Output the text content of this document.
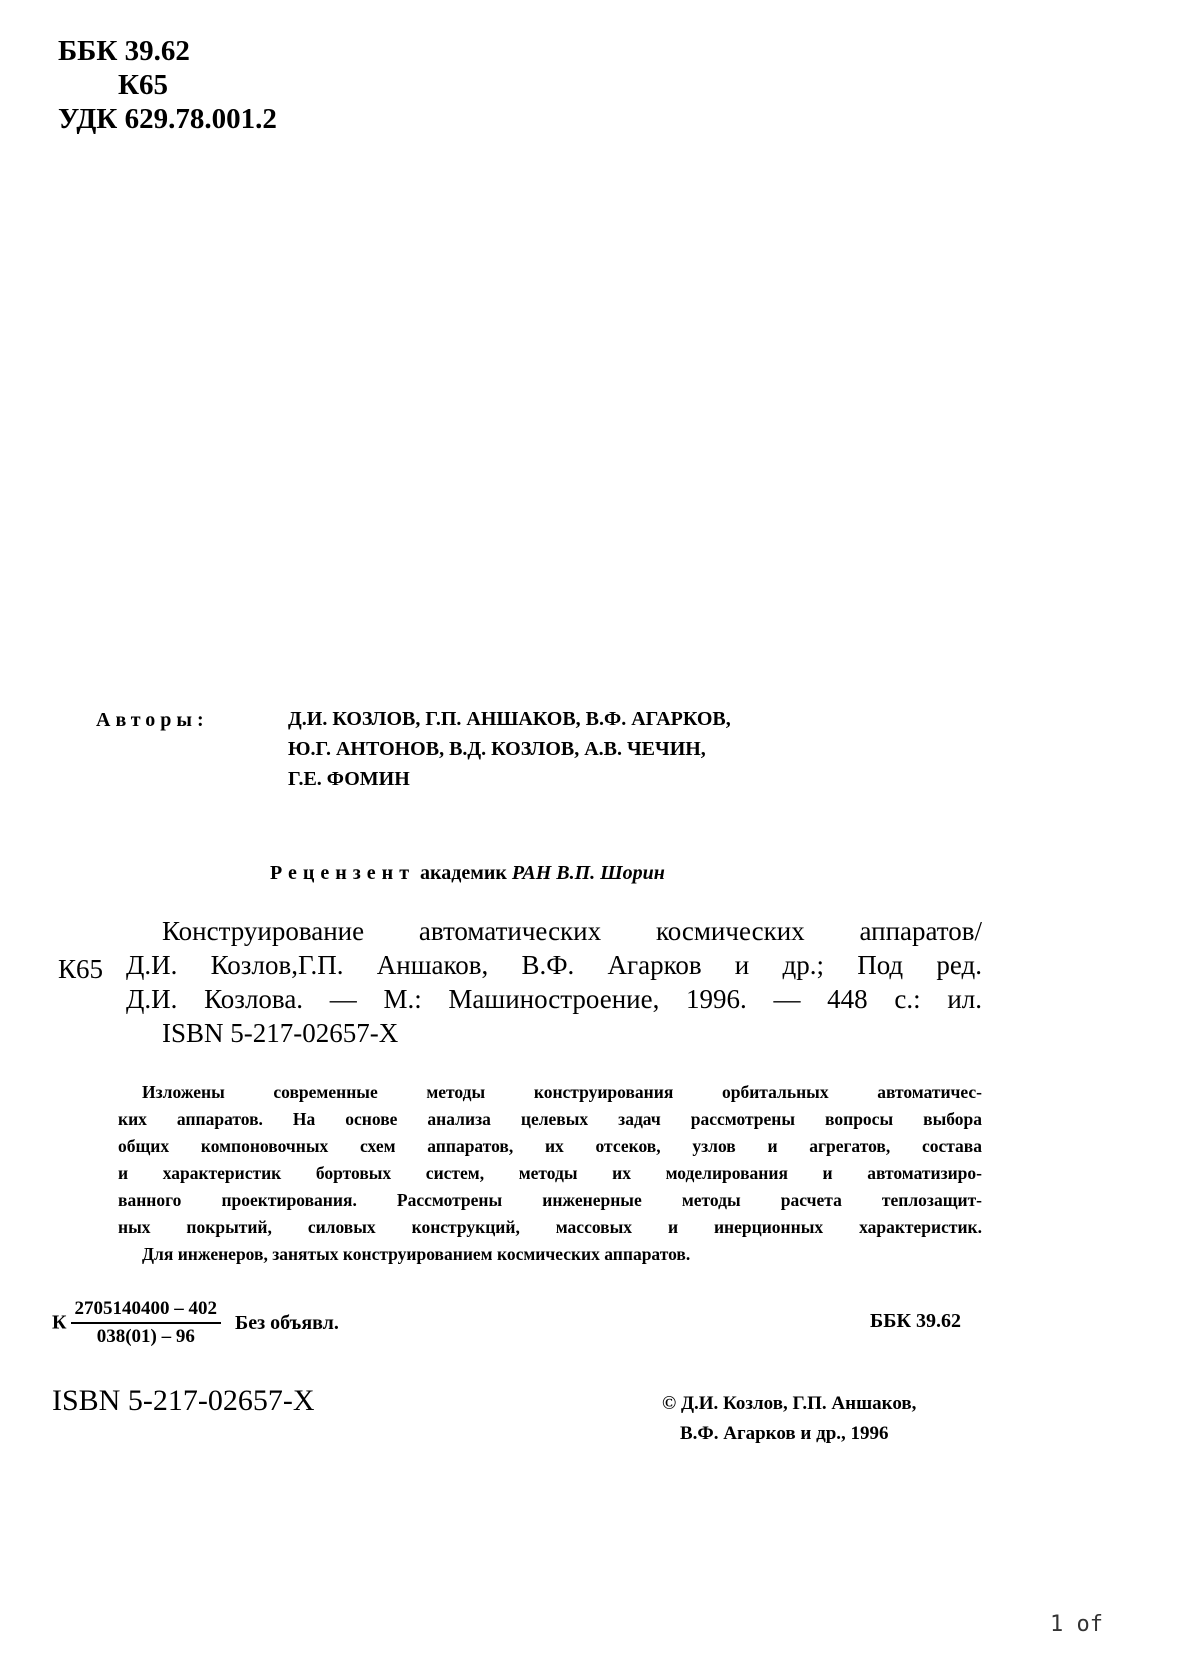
ББК 39.62
К65
УДК 629.78.001.2
Авторы:	Д.И. КОЗЛОВ, Г.П. АНШАКОВ, В.Ф. АГАРКОВ,
Ю.Г. АНТОНОВ, В.Д. КОЗЛОВ, А.В. ЧЕЧИН,
Г.Е. ФОМИН
Рецензент академик РАН В.П. Шорин
К65
Конструирование автоматических космических аппаратов/
Д.И. Козлов,Г.П. Аншаков, В.Ф. Агарков и др.; Под ред.
Д.И. Козлова. — М.: Машиностроение, 1996. — 448 с.: ил.
ISBN 5-217-02657-X
Изложены современные методы конструирования орбитальных автоматичес-
ких аппаратов. На основе анализа целевых задач рассмотрены вопросы выбора
общих компоновочных схем аппаратов, их отсеков, узлов и агрегатов, состава
и характеристик бортовых систем, методы их моделирования и автоматизиро-
ванного проектирования. Рассмотрены инженерные методы расчета теплозащит-
ных покрытий, силовых конструкций, массовых и инерционных характеристик.
Для инженеров, занятых конструированием космических аппаратов.
К $\frac{2705140400 - 402}{038(01) - 96}$ Без объявл.	ББК 39.62
ISBN 5-217-02657-X	© Д.И. Козлов, Г.П. Аншаков,
В.Ф. Агарков и др., 1996
1 of
